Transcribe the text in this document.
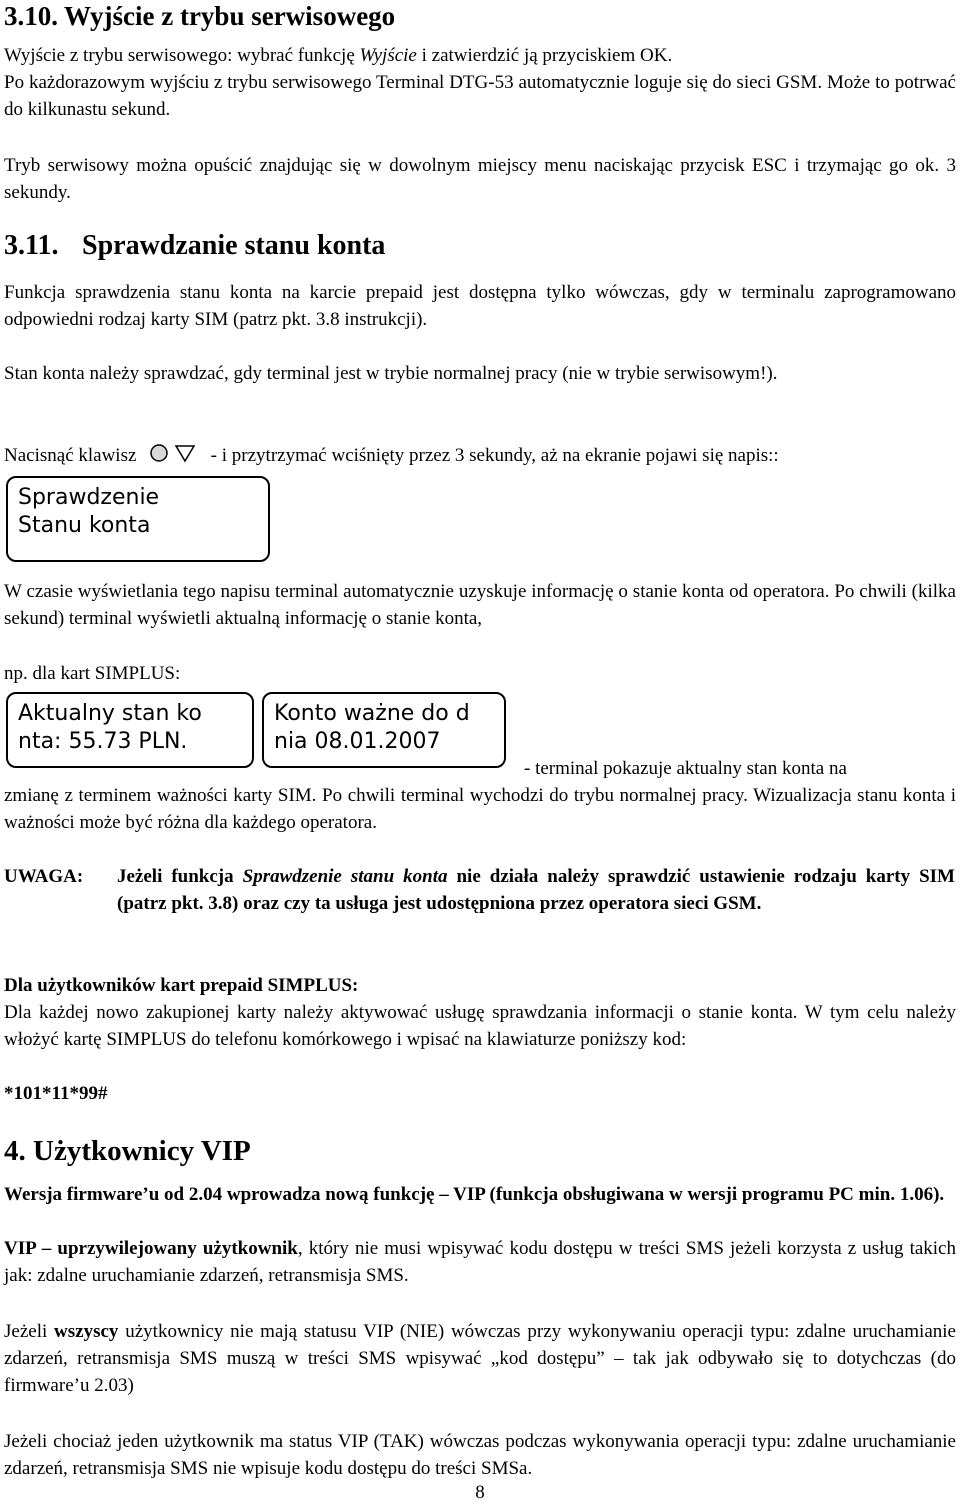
3.10. Wyjście z trybu serwisowego

Wyjście z trybu serwisowego: wybrać funkcję Wyjście i zatwierdzić ją przyciskiem OK.

Po każdorazowym wyjściu z trybu serwisowego Terminal DTG-53 automatycznie loguje się do sieci GSM. Może to potrwać do kilkunastu sekund.

Tryb serwisowy można opuścić znajdując się w dowolnym miejscy menu naciskając przycisk ESC i trzymając go ok. 3 sekundy.

3.11. Sprawdzanie stanu konta

Funkcja sprawdzenia stanu konta na karcie prepaid jest dostępna tylko wówczas, gdy w terminalu zaprogramowano odpowiedni rodzaj karty SIM (patrz pkt. 3.8 instrukcji).

Stan konta należy sprawdzać, gdy terminal jest w trybie normalnej pracy (nie w trybie serwisowym!).

Nacisnąć klawisz	- i przytrzymać wciśnięty przez 3 sekundy, aż na ekranie pojawi się napis::

Sprawdzenie
Stanu konta

W czasie wyświetlania tego napisu terminal automatycznie uzyskuje informację o stanie konta od operatora. Po chwili (kilka sekund) terminal wyświetli aktualną informację o stanie konta,

np. dla kart SIMPLUS:

Aktualny stan ko
nta: 55.73 PLN.
Konto ważne do d
nia 08.01.2007

- terminal pokazuje aktualny stan konta na

zmianę z terminem ważności karty SIM. Po chwili terminal wychodzi do trybu normalnej pracy. Wizualizacja stanu konta i ważności może być różna dla każdego operatora.

UWAGA: Jeżeli funkcja Sprawdzenie stanu konta nie działa należy sprawdzić ustawienie rodzaju karty SIM (patrz pkt. 3.8) oraz czy ta usługa jest udostępniona przez operatora sieci GSM.

Dla użytkowników kart prepaid SIMPLUS:

Dla każdej nowo zakupionej karty należy aktywować usługę sprawdzania informacji o stanie konta. W tym celu należy włożyć kartę SIMPLUS do telefonu komórkowego i wpisać na klawiaturze poniższy kod:

*101*11*99#

4. Użytkownicy VIP

Wersja firmware’u od 2.04 wprowadza nową funkcję – VIP (funkcja obsługiwana w wersji programu PC min. 1.06).

VIP – uprzywilejowany użytkownik, który nie musi wpisywać kodu dostępu w treści SMS jeżeli korzysta z usług takich jak: zdalne uruchamianie zdarzeń, retransmisja SMS.

Jeżeli wszyscy użytkownicy nie mają statusu VIP (NIE) wówczas przy wykonywaniu operacji typu: zdalne uruchamianie zdarzeń, retransmisja SMS muszą w treści SMS wpisywać „kod dostępu” – tak jak odbywało się to dotychczas (do firmware’u 2.03)

Jeżeli chociaż jeden użytkownik ma status VIP (TAK) wówczas podczas wykonywania operacji typu: zdalne uruchamianie zdarzeń, retransmisja SMS nie wpisuje kodu dostępu do treści SMSa.

8
